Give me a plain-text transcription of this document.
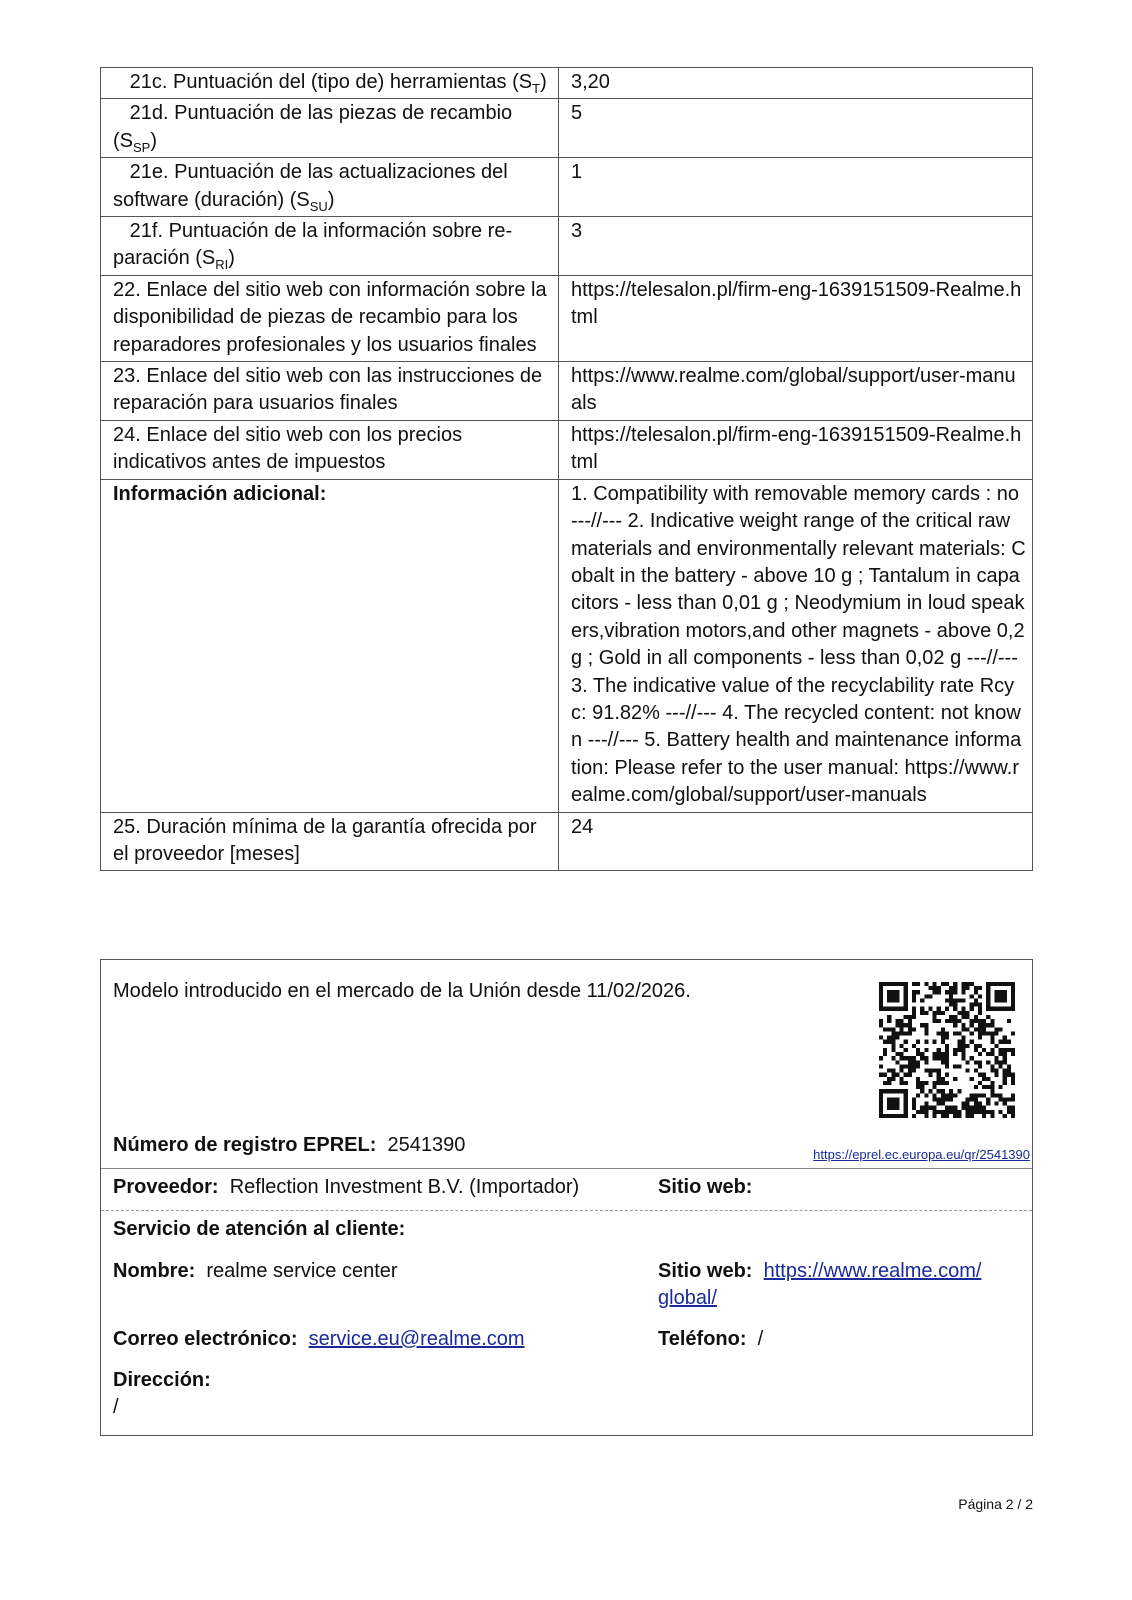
21c. Puntuación del (tipo de) herramientas $(S_T)$	3,20
21d. Puntuación de las piezas de recambio $(S_{SP})$	5
21e. Puntuación de las actualizaciones del software (duración) $(S_{SU})$	1
21f. Puntuación de la información sobre re-paración $(S_{RI})$	3
22. Enlace del sitio web con información sobre la disponibilidad de piezas de recambio para los reparadores profesionales y los usuarios finales	https://telesalon.pl/firm-eng-1639151509-Realme.html
23. Enlace del sitio web con las instrucciones de reparación para usuarios finales	https://www.realme.com/global/support/user-manuals
24. Enlace del sitio web con los precios indicativos antes de impuestos	https://telesalon.pl/firm-eng-1639151509-Realme.html
Información adicional:	1. Compatibility with removable memory cards : no ---//--- 2. Indicative weight range of the critical raw materials and environmentally relevant materials: Cobalt in the battery - above 10 g ; Tantalum in capacitors - less than 0,01 g ; Neodymium in loud speakers,vibration motors,and other magnets - above 0,2 g ; Gold in all components - less than 0,02 g ---//--- 3. The indicative value of the recyclability rate Rcyc: 91.82% ---//--- 4. The recycled content: not known ---//--- 5. Battery health and maintenance information: Please refer to the user manual: https://www.realme.com/global/support/user-manuals
25. Duración mínima de la garantía ofrecida por el proveedor [meses]	24
Modelo introducido en el mercado de la Unión desde 11/02/2026.
Número de registro EPREL: 2541390	https://eprel.ec.europa.eu/qr/2541390
Proveedor: Reflection Investment B.V. (Importador)	Sitio web:
Servicio de atención al cliente:
Nombre: realme service center	Sitio web: https://www.realme.com/
global/
Correo electrónico: service.eu@realme.com	Teléfono: /
Dirección:
/
Página 2 / 2
